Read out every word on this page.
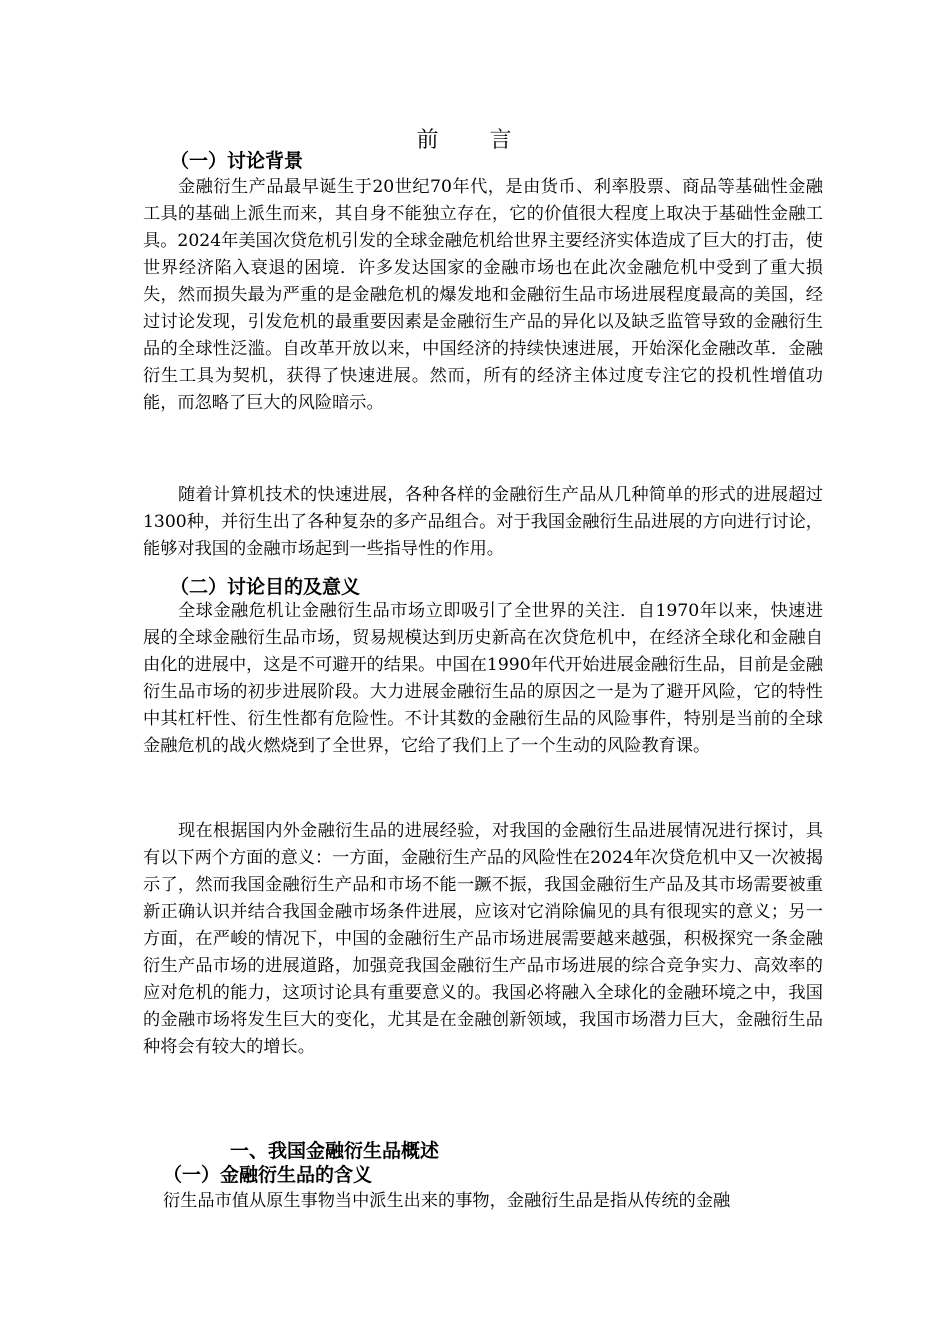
前 言
（一）讨论背景

金融衍生产品最早诞生于20世纪70年代，是由货币、利率股票、商品等基础性金融工具的基础上派生而来，其自身不能独立存在，它的价值很大程度上取决于基础性金融工具。2024年美国次贷危机引发的全球金融危机给世界主要经济实体造成了巨大的打击，使世界经济陷入衰退的困境．许多发达国家的金融市场也在此次金融危机中受到了重大损失，然而损失最为严重的是金融危机的爆发地和金融衍生品市场进展程度最高的美国，经过讨论发现，引发危机的最重要因素是金融衍生产品的异化以及缺乏监管导致的金融衍生品的全球性泛滥。自改革开放以来，中国经济的持续快速进展，开始深化金融改革．金融衍生工具为契机，获得了快速进展。然而，所有的经济主体过度专注它的投机性增值功能，而忽略了巨大的风险暗示。

随着计算机技术的快速进展，各种各样的金融衍生产品从几种简单的形式的进展超过1300种，并衍生出了各种复杂的多产品组合。对于我国金融衍生品进展的方向进行讨论，能够对我国的金融市场起到一些指导性的作用。

（二）讨论目的及意义

全球金融危机让金融衍生品市场立即吸引了全世界的关注．自1970年以来，快速进展的全球金融衍生品市场，贸易规模达到历史新高在次贷危机中，在经济全球化和金融自由化的进展中，这是不可避开的结果。中国在1990年代开始进展金融衍生品，目前是金融衍生品市场的初步进展阶段。大力进展金融衍生品的原因之一是为了避开风险，它的特性中其杠杆性、衍生性都有危险性。不计其数的金融衍生品的风险事件，特别是当前的全球金融危机的战火燃烧到了全世界，它给了我们上了一个生动的风险教育课。

现在根据国内外金融衍生品的进展经验，对我国的金融衍生品进展情况进行探讨，具有以下两个方面的意义：一方面，金融衍生产品的风险性在2024年次贷危机中又一次被揭示了，然而我国金融衍生产品和市场不能一蹶不振，我国金融衍生产品及其市场需要被重新正确认识并结合我国金融市场条件进展，应该对它消除偏见的具有很现实的意义；另一方面，在严峻的情况下，中国的金融衍生产品市场进展需要越来越强，积极探究一条金融衍生产品市场的进展道路，加强竞我国金融衍生产品市场进展的综合竞争实力、高效率的应对危机的能力，这项讨论具有重要意义的。我国必将融入全球化的金融环境之中，我国的金融市场将发生巨大的变化，尤其是在金融创新领域，我国市场潜力巨大，金融衍生品种将会有较大的增长。

一、我国金融衍生品概述
（一）金融衍生品的含义

衍生品市值从原生事物当中派生出来的事物，金融衍生品是指从传统的金融
